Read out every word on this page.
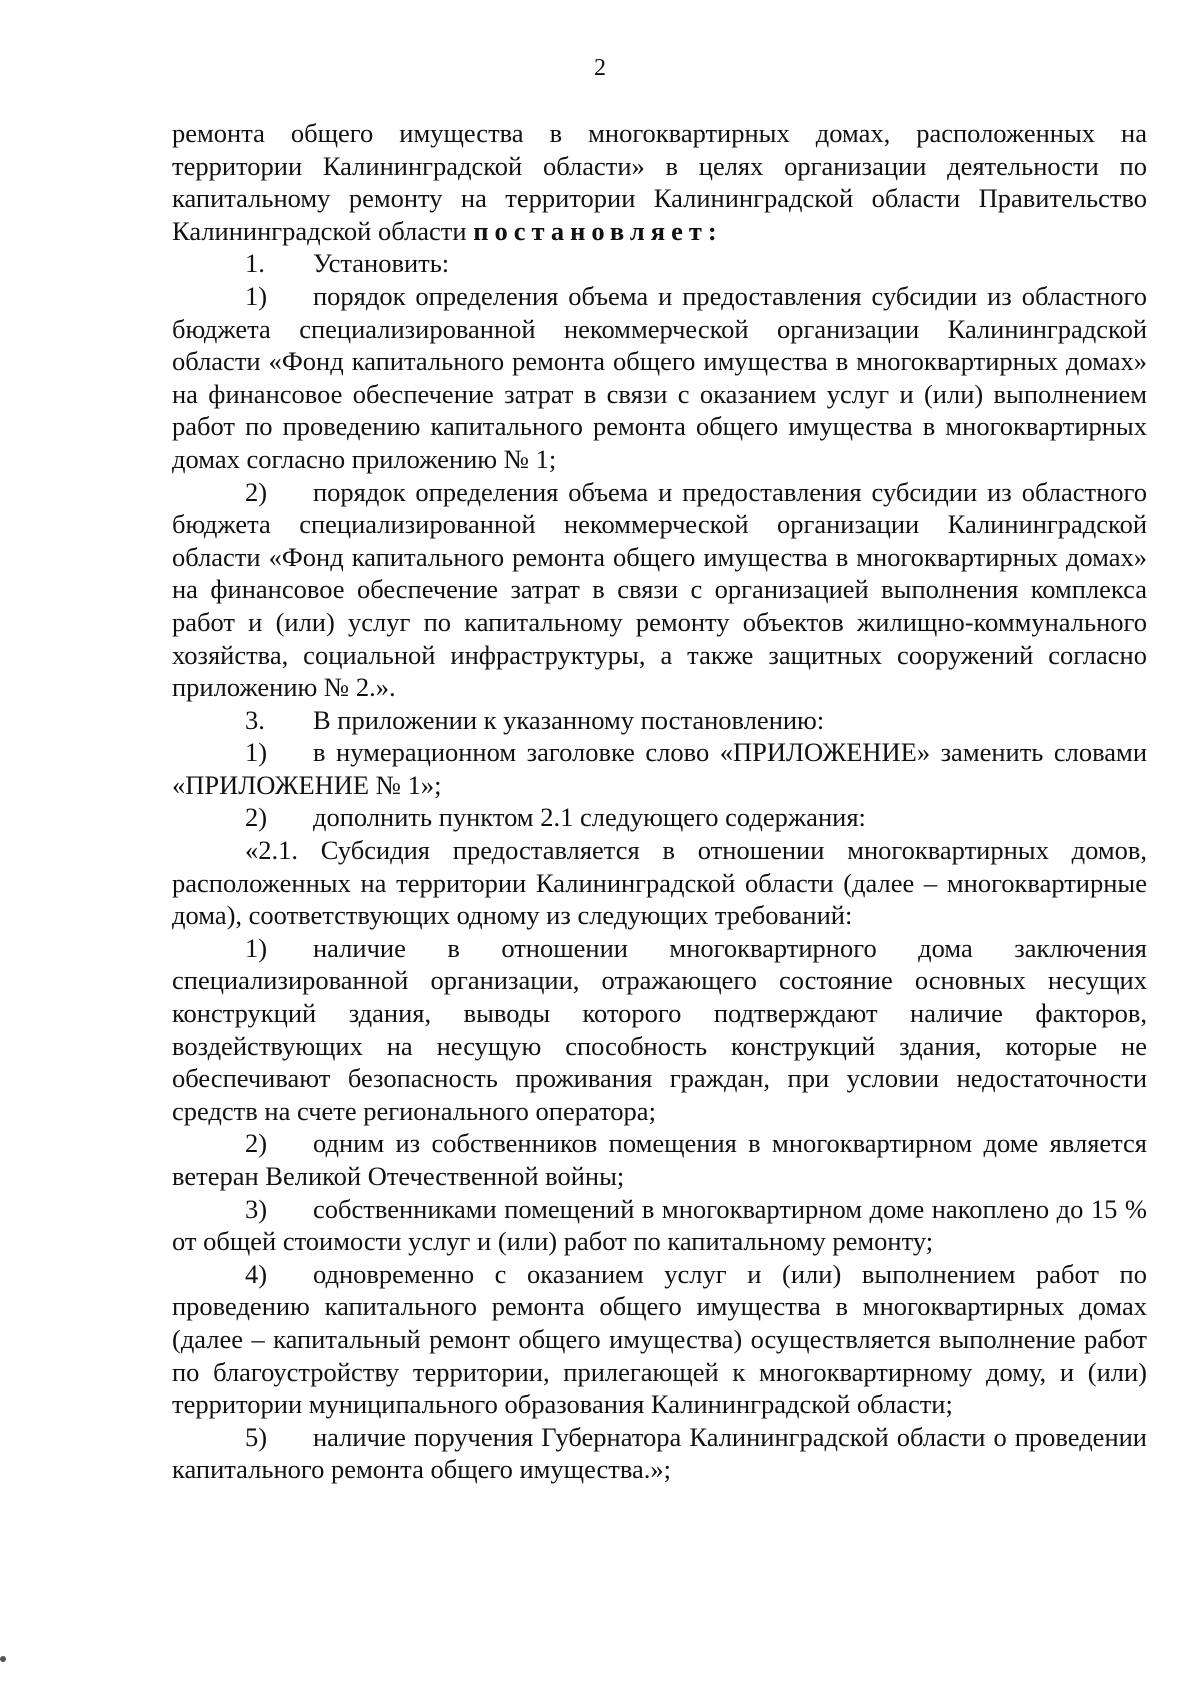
2

ремонта общего имущества в многоквартирных домах, расположенных на территории Калининградской области» в целях организации деятельности по капитальному ремонту на территории Калининградской области Правительство Калининградской области постановляет:

1. Установить:

1) порядок определения объема и предоставления субсидии из областного бюджета специализированной некоммерческой организации Калининградской области «Фонд капитального ремонта общего имущества в многоквартирных домах» на финансовое обеспечение затрат в связи с оказанием услуг и (или) выполнением работ по проведению капитального ремонта общего имущества в многоквартирных домах согласно приложению № 1;

2) порядок определения объема и предоставления субсидии из областного бюджета специализированной некоммерческой организации Калининградской области «Фонд капитального ремонта общего имущества в многоквартирных домах» на финансовое обеспечение затрат в связи с организацией выполнения комплекса работ и (или) услуг по капитальному ремонту объектов жилищно-коммунального хозяйства, социальной инфраструктуры, а также защитных сооружений согласно приложению № 2.».

3. В приложении к указанному постановлению:

1) в нумерационном заголовке слово «ПРИЛОЖЕНИЕ» заменить словами «ПРИЛОЖЕНИЕ № 1»;

2) дополнить пунктом 2.1 следующего содержания:

«2.1. Субсидия предоставляется в отношении многоквартирных домов, расположенных на территории Калининградской области (далее – многоквартирные дома), соответствующих одному из следующих требований:

1) наличие в отношении многоквартирного дома заключения специализированной организации, отражающего состояние основных несущих конструкций здания, выводы которого подтверждают наличие факторов, воздействующих на несущую способность конструкций здания, которые не обеспечивают безопасность проживания граждан, при условии недостаточности средств на счете регионального оператора;

2) одним из собственников помещения в многоквартирном доме является ветеран Великой Отечественной войны;

3) собственниками помещений в многоквартирном доме накоплено до 15 % от общей стоимости услуг и (или) работ по капитальному ремонту;

4) одновременно с оказанием услуг и (или) выполнением работ по проведению капитального ремонта общего имущества в многоквартирных домах (далее – капитальный ремонт общего имущества) осуществляется выполнение работ по благоустройству территории, прилегающей к многоквартирному дому, и (или) территории муниципального образования Калининградской области;

5) наличие поручения Губернатора Калининградской области о проведении капитального ремонта общего имущества.»;
